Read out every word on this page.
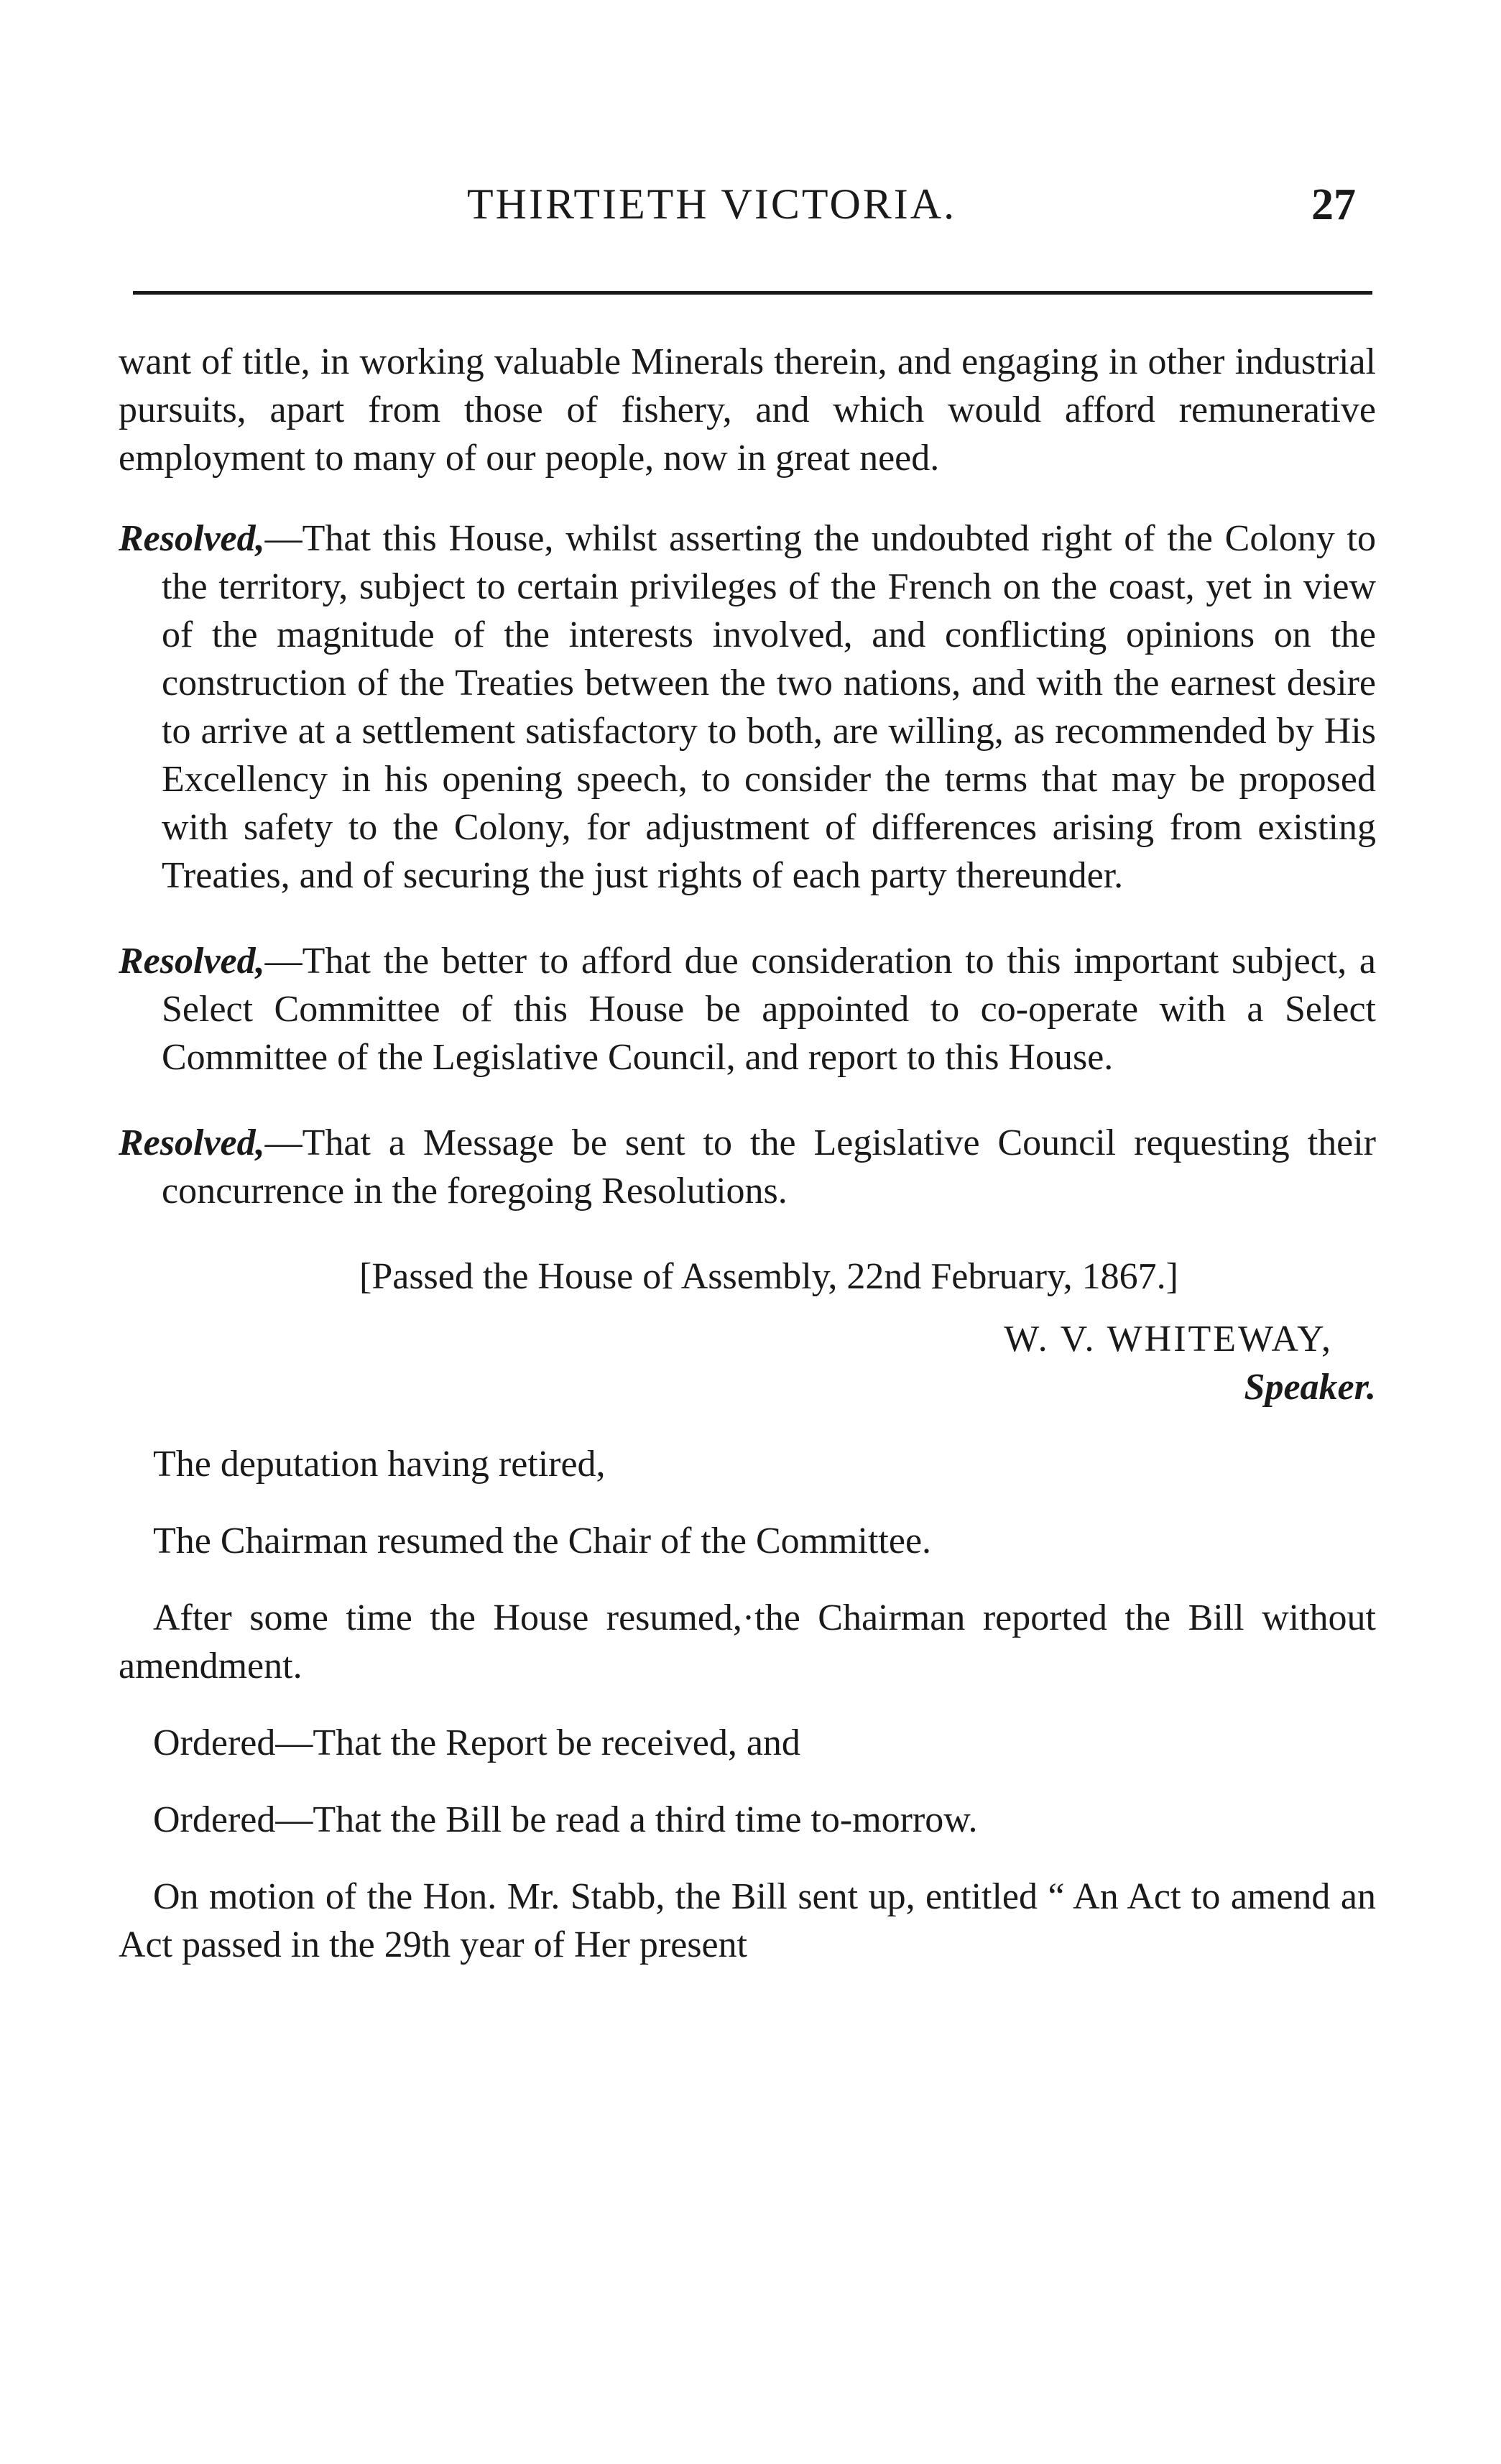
THIRTIETH VICTORIA.	27

want of title, in working valuable Minerals therein, and engaging in other industrial pursuits, apart from those of fishery, and which would afford remunerative employment to many of our people, now in great need.

Resolved,—That this House, whilst asserting the undoubted right of the Colony to the territory, subject to certain privileges of the French on the coast, yet in view of the magnitude of the interests involved, and conflicting opinions on the construction of the Treaties between the two nations, and with the earnest desire to arrive at a settlement satisfactory to both, are willing, as recommended by His Excellency in his opening speech, to consider the terms that may be proposed with safety to the Colony, for adjustment of differences arising from existing Treaties, and of securing the just rights of each party thereunder.

Resolved,—That the better to afford due consideration to this important subject, a Select Committee of this House be appointed to co-operate with a Select Committee of the Legislative Council, and report to this House.

Resolved,—That a Message be sent to the Legislative Council requesting their concurrence in the foregoing Resolutions.

[Passed the House of Assembly, 22nd February, 1867.]

W. V. WHITEWAY,

Speaker.

The deputation having retired,

The Chairman resumed the Chair of the Committee.

After some time the House resumed,·the Chairman reported the Bill without amendment.

Ordered—That the Report be received, and

Ordered—That the Bill be read a third time to-morrow.

On motion of the Hon. Mr. Stabb, the Bill sent up, entitled “ An Act to amend an Act passed in the 29th year of Her present
